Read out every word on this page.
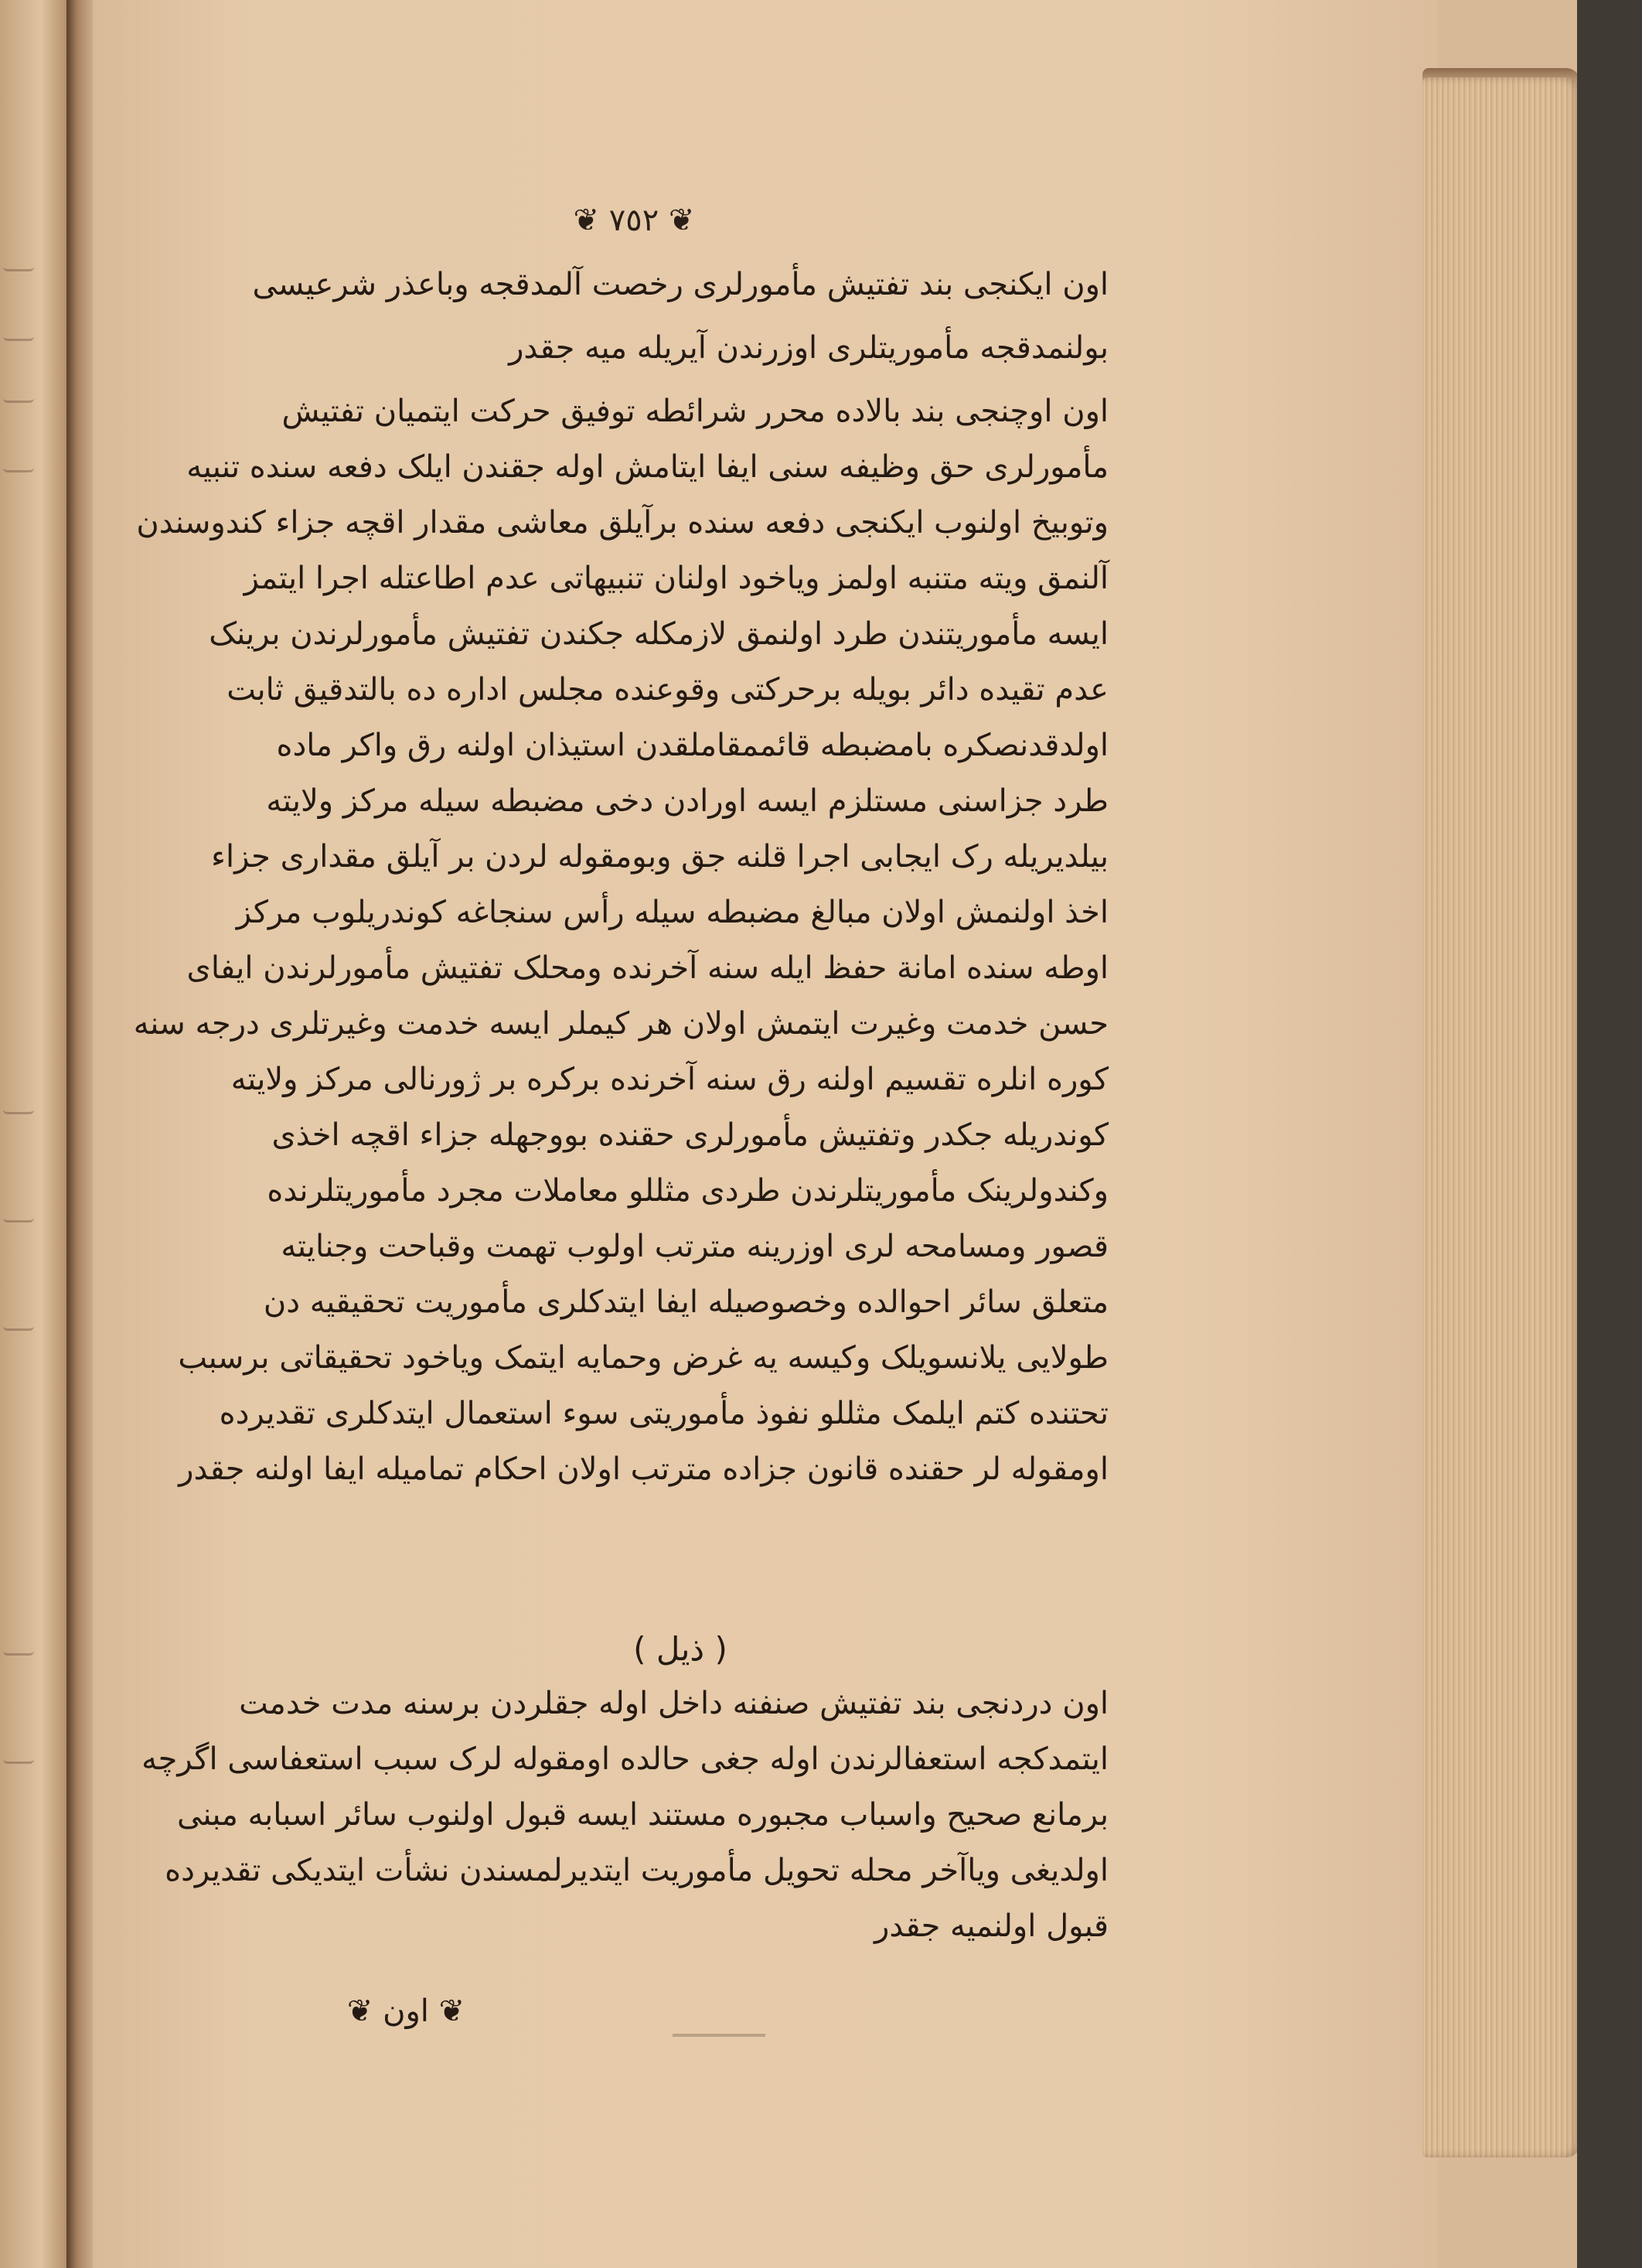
❦ ٧٥٢ ❦
اون ایکنجی بند تفتیش مأمورلری رخصت آلمدقجه وباعذر شرعیسی
بولنمدقجه مأموریتلری اوزرندن آیریله میه جقدر
اون اوچنجی بند بالاده محرر شرائطه توفیق حرکت ایتمیان تفتیش
مأمورلری حق وظیفه سنی ایفا ایتامش اوله جقندن ایلک دفعه سنده تنبیه
وتوبیخ اولنوب ایکنجی دفعه سنده برآیلق معاشی مقدار اقچه جزاء کندوسندن
آلنمق ویته متنبه اولمز وياخود اولنان تنبیهاتی عدم اطاعتله اجرا ایتمز
ایسه مأموریتندن طرد اولنمق لازمکله جکندن تفتیش مأمورلرندن برینک
عدم تقیده دائر بویله برحرکتی وقوعنده مجلس اداره ده بالتدقیق ثابت
اولدقدنصکره بامضبطه قائممقاملقدن استیذان اولنه رق واکر ماده
طرد جزاسنی مستلزم ایسه اورادن دخی مضبطه سیله مرکز ولایته
بیلدیریله رک ایجابی اجرا قلنه جق وبومقوله لردن بر آیلق مقداری جزاء
اخذ اولنمش اولان مبالغ مضبطه سیله رأس سنجاغه کوندریلوب مرکز
اوطه سنده امانة حفظ ایله سنه آخرنده ومحلک تفتیش مأمورلرندن ایفای
حسن خدمت وغیرت ایتمش اولان هر کیملر ایسه خدمت وغیرتلری درجه سنه
کوره انلره تقسیم اولنه رق سنه آخرنده برکره بر ژورنالی مرکز ولایته
کوندریله جکدر وتفتیش مأمورلری حقنده بووجهله جزاء اقچه اخذی
وکندولرینک مأموریتلرندن طردی مثللو معاملات مجرد مأموریتلرنده
قصور ومسامحه لری اوزرینه مترتب اولوب تهمت وقباحت وجنایته
متعلق سائر احوالده وخصوصیله ایفا ایتدکلری مأموریت تحقیقیه دن
طولایی یلانسویلک وکیسه یه غرض وحمایه ایتمک وياخود تحقیقاتی برسبب
تحتنده کتم ایلمک مثللو نفوذ مأموریتی سوء استعمال ایتدکلری تقدیرده
اومقوله لر حقنده قانون جزاده مترتب اولان احکام تمامیله ایفا اولنه جقدر
( ذیل )
اون دردنجی بند تفتیش صنفنه داخل اوله جقلردن برسنه مدت خدمت
ایتمدکجه استعفالرندن اوله جغی حالده اومقوله لرک سبب استعفاسی اگرچه
برمانع صحیح واسباب مجبوره مستند ایسه قبول اولنوب سائر اسبابه مبنی
اولدیغی ویاآخر محله تحویل مأموریت ایتدیرلمسندن نشأت ایتدیکی تقدیرده
قبول اولنمیه جقدر
❦ اون ❦
